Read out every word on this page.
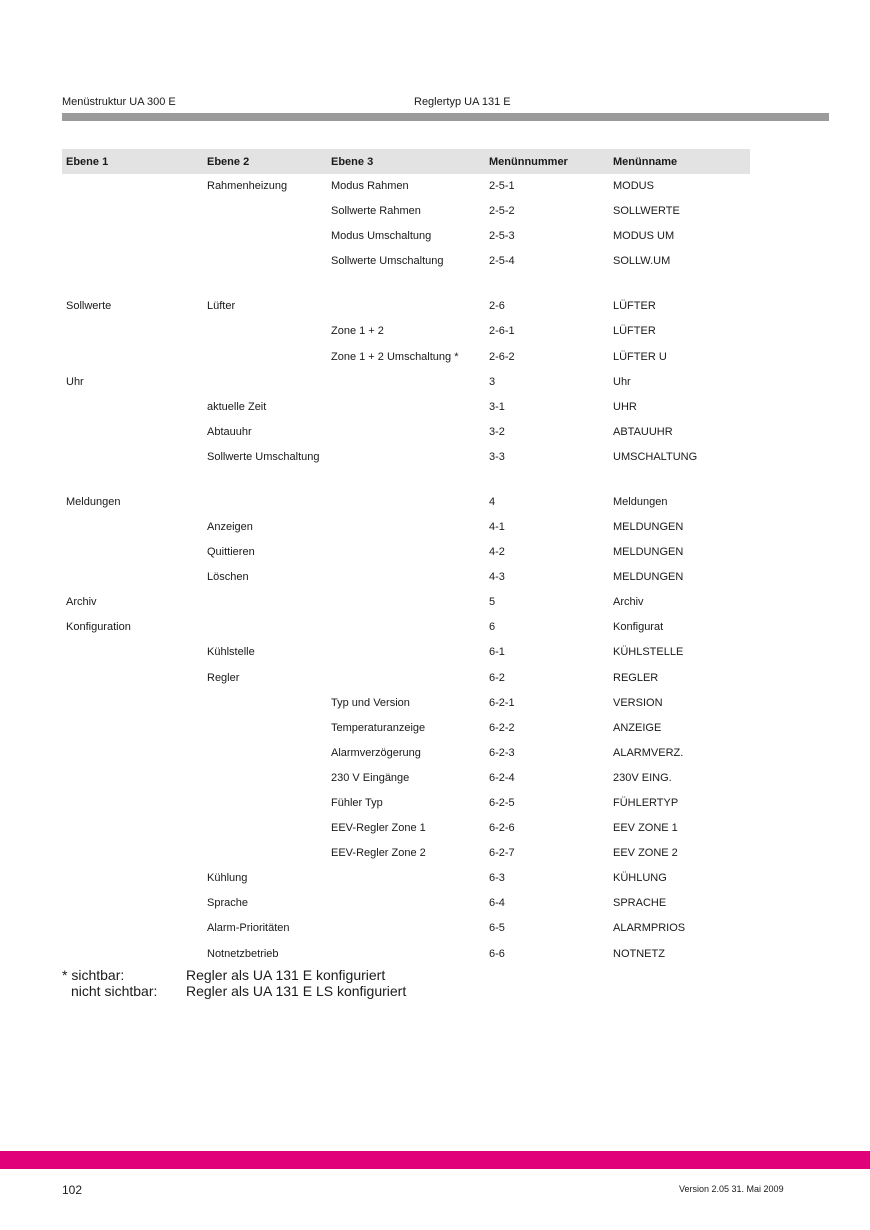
Menüstruktur UA 300 E	Reglertyp UA 131 E
Ebene 1	Ebene 2	Ebene 3	Menünnummer	Menünname
	Rahmenheizung	Modus Rahmen	2-5-1	MODUS
		Sollwerte Rahmen	2-5-2	SOLLWERTE
		Modus Umschaltung	2-5-3	MODUS UM
		Sollwerte Umschaltung	2-5-4	SOLLW.UM
Sollwerte	Lüfter		2-6	LÜFTER
		Zone 1 + 2	2-6-1	LÜFTER
		Zone 1 + 2 Umschaltung *	2-6-2	LÜFTER U
Uhr			3	Uhr
	aktuelle Zeit		3-1	UHR
	Abtauuhr		3-2	ABTAUUHR
	Sollwerte Umschaltung		3-3	UMSCHALTUNG
Meldungen			4	Meldungen
	Anzeigen		4-1	MELDUNGEN
	Quittieren		4-2	MELDUNGEN
	Löschen		4-3	MELDUNGEN
Archiv			5	Archiv
Konfiguration			6	Konfigurat
	Kühlstelle		6-1	KÜHLSTELLE
	Regler		6-2	REGLER
		Typ und Version	6-2-1	VERSION
		Temperaturanzeige	6-2-2	ANZEIGE
		Alarmverzögerung	6-2-3	ALARMVERZ.
		230 V Eingänge	6-2-4	230V EING.
		Fühler Typ	6-2-5	FÜHLERTYP
		EEV-Regler Zone 1	6-2-6	EEV ZONE 1
		EEV-Regler Zone 2	6-2-7	EEV ZONE 2
	Kühlung		6-3	KÜHLUNG
	Sprache		6-4	SPRACHE
	Alarm-Prioritäten		6-5	ALARMPRIOS
	Notnetzbetrieb		6-6	NOTNETZ
* sichtbar:	Regler als UA 131 E konfiguriert
nicht sichtbar:	Regler als UA 131 E LS konfiguriert
102	Version 2.05 31. Mai 2009
